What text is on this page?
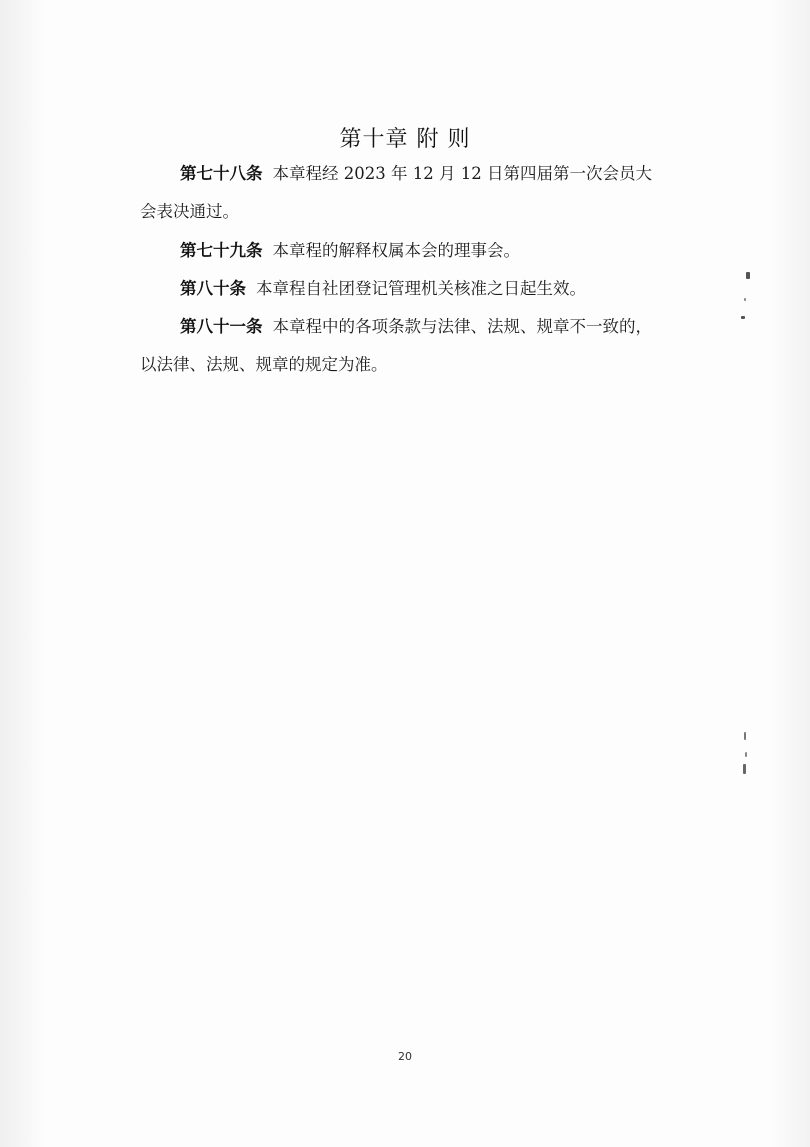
第十章 附 则

第七十八条 本章程经 2023 年 12 月 12 日第四届第一次会员大会表决通过。

第七十九条 本章程的解释权属本会的理事会。

第八十条 本章程自社团登记管理机关核准之日起生效。

第八十一条 本章程中的各项条款与法律、法规、规章不一致的，以法律、法规、规章的规定为准。

20
